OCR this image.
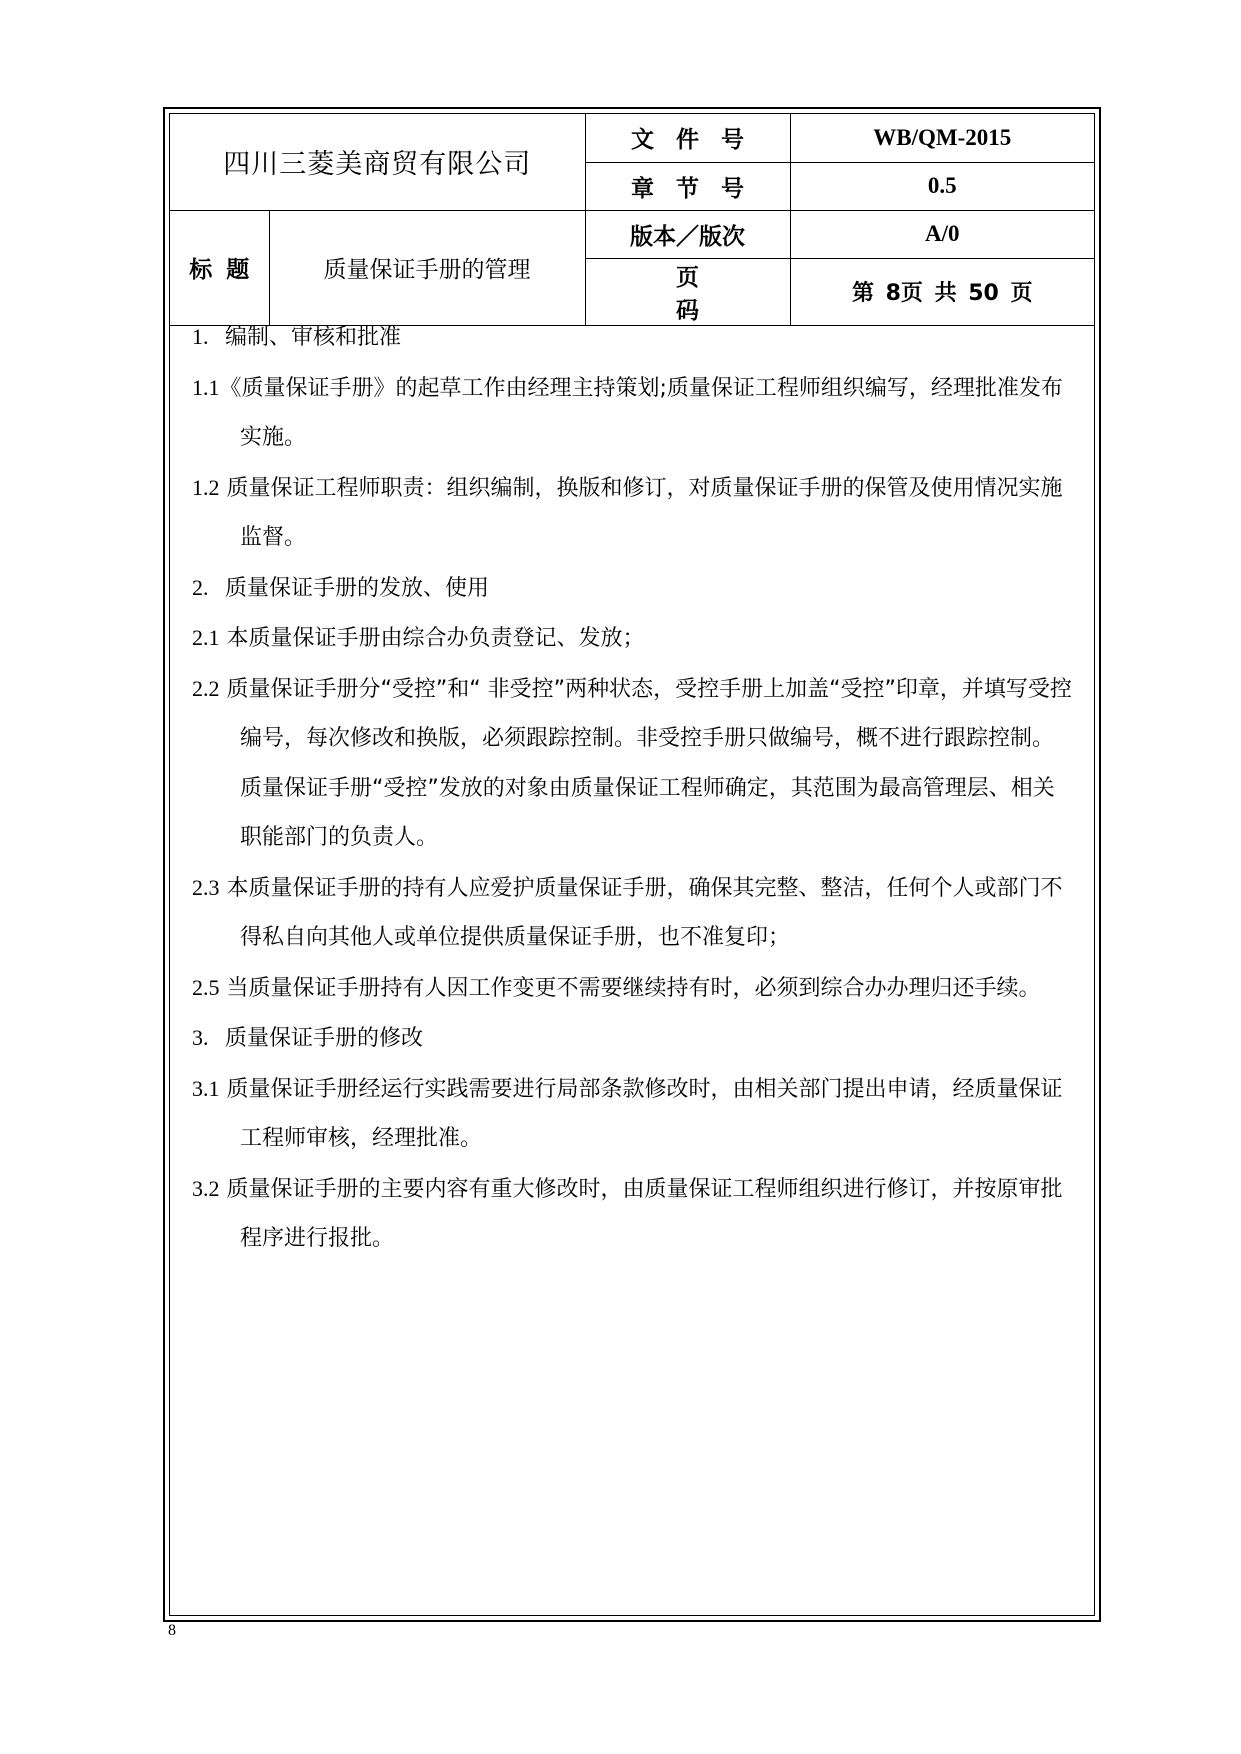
四川三菱美商贸有限公司		文件号	WB/QM-2015
		章节号	0.5
标题	质量保证手册的管理	版本／版次	A/0
		页码	第 8页 共 50 页

1. 编制、审核和批准

1.1《质量保证手册》的起草工作由经理主持策划;质量保证工程师组织编写，经理批准发布实施。

1.2 质量保证工程师职责：组织编制，换版和修订，对质量保证手册的保管及使用情况实施监督。

2. 质量保证手册的发放、使用

2.1 本质量保证手册由综合办负责登记、发放；

2.2 质量保证手册分“受控”和“ 非受控”两种状态，受控手册上加盖“受控”印章，并填写受控编号，每次修改和换版，必须跟踪控制。非受控手册只做编号，概不进行跟踪控制。

质量保证手册“受控”发放的对象由质量保证工程师确定，其范围为最高管理层、相关职能部门的负责人。

2.3 本质量保证手册的持有人应爱护质量保证手册，确保其完整、整洁，任何个人或部门不得私自向其他人或单位提供质量保证手册，也不准复印；

2.5 当质量保证手册持有人因工作变更不需要继续持有时，必须到综合办办理归还手续。

3. 质量保证手册的修改

3.1 质量保证手册经运行实践需要进行局部条款修改时，由相关部门提出申请，经质量保证工程师审核，经理批准。

3.2 质量保证手册的主要内容有重大修改时，由质量保证工程师组织进行修订，并按原审批程序进行报批。

8
